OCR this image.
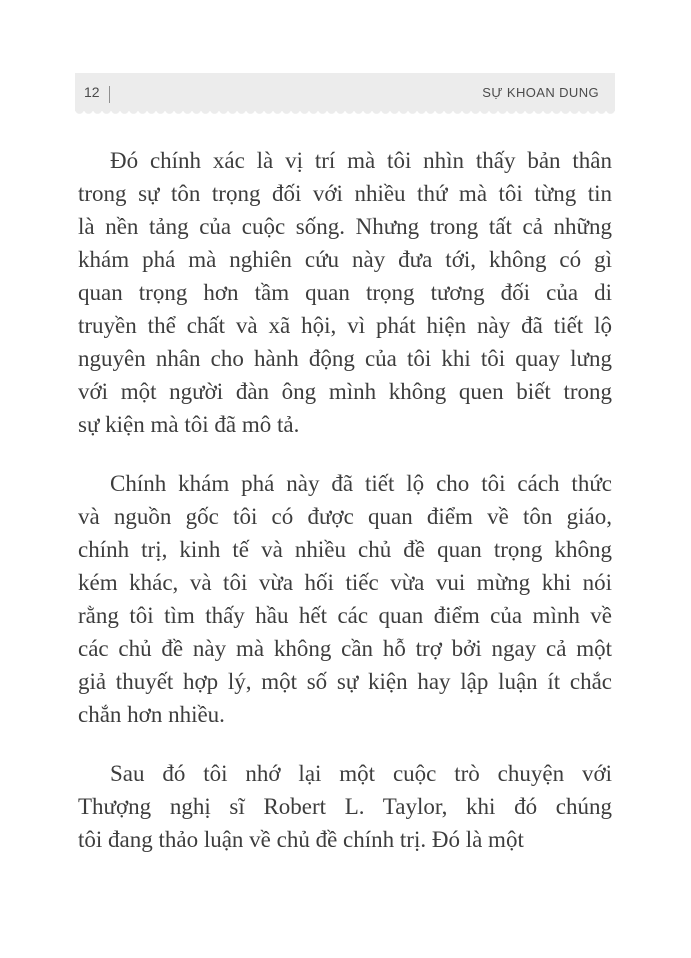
12	SỰ KHOAN DUNG
Đó chính xác là vị trí mà tôi nhìn thấy bản thân
trong sự tôn trọng đối với nhiều thứ mà tôi từng tin
là nền tảng của cuộc sống. Nhưng trong tất cả những
khám phá mà nghiên cứu này đưa tới, không có gì
quan trọng hơn tầm quan trọng tương đối của di
truyền thể chất và xã hội, vì phát hiện này đã tiết lộ
nguyên nhân cho hành động của tôi khi tôi quay lưng
với một người đàn ông mình không quen biết trong
sự kiện mà tôi đã mô tả.
Chính khám phá này đã tiết lộ cho tôi cách thức
và nguồn gốc tôi có được quan điểm về tôn giáo,
chính trị, kinh tế và nhiều chủ đề quan trọng không
kém khác, và tôi vừa hối tiếc vừa vui mừng khi nói
rằng tôi tìm thấy hầu hết các quan điểm của mình về
các chủ đề này mà không cần hỗ trợ bởi ngay cả một
giả thuyết hợp lý, một số sự kiện hay lập luận ít chắc
chắn hơn nhiều.
Sau đó tôi nhớ lại một cuộc trò chuyện với
Thượng nghị sĩ Robert L. Taylor, khi đó chúng
tôi đang thảo luận về chủ đề chính trị. Đó là một
